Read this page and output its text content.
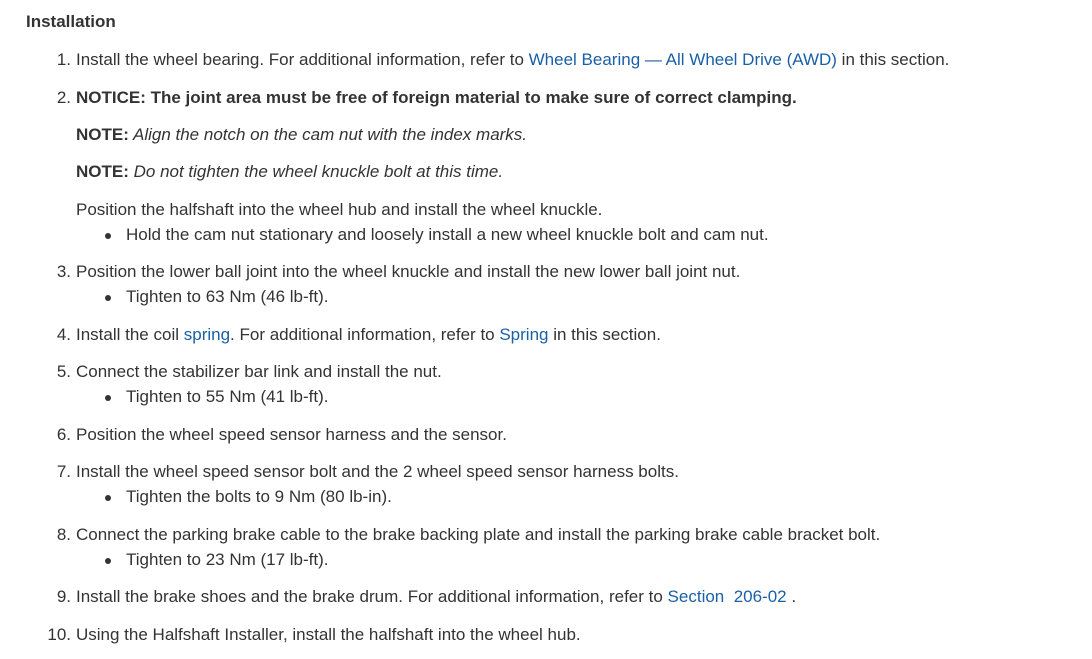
Installation
1. Install the wheel bearing. For additional information, refer to Wheel Bearing — All Wheel Drive (AWD) in this section.
2. NOTICE: The joint area must be free of foreign material to make sure of correct clamping.
NOTE: Align the notch on the cam nut with the index marks.
NOTE: Do not tighten the wheel knuckle bolt at this time.
Position the halfshaft into the wheel hub and install the wheel knuckle.
Hold the cam nut stationary and loosely install a new wheel knuckle bolt and cam nut.
3. Position the lower ball joint into the wheel knuckle and install the new lower ball joint nut.
Tighten to 63 Nm (46 lb-ft).
4. Install the coil spring. For additional information, refer to Spring in this section.
5. Connect the stabilizer bar link and install the nut.
Tighten to 55 Nm (41 lb-ft).
6. Position the wheel speed sensor harness and the sensor.
7. Install the wheel speed sensor bolt and the 2 wheel speed sensor harness bolts.
Tighten the bolts to 9 Nm (80 lb-in).
8. Connect the parking brake cable to the brake backing plate and install the parking brake cable bracket bolt.
Tighten to 23 Nm (17 lb-ft).
9. Install the brake shoes and the brake drum. For additional information, refer to Section  206-02 .
10. Using the Halfshaft Installer, install the halfshaft into the wheel hub.
